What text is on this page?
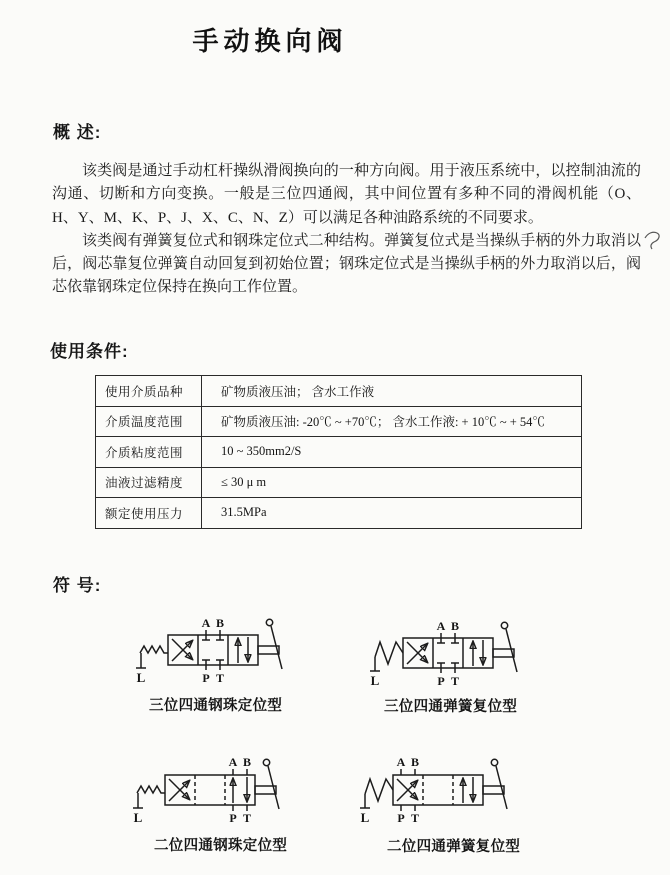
手动换向阀
概 述:

该类阀是通过手动杠杆操纵滑阀换向的一种方向阀。用于液压系统中，以控制油流的沟通、切断和方向变换。一般是三位四通阀，其中间位置有多种不同的滑阀机能（O、H、Y、M、K、P、J、X、C、N、Z）可以满足各种油路系统的不同要求。

该类阀有弹簧复位式和钢珠定位式二种结构。弹簧复位式是当操纵手柄的外力取消以后，阀芯靠复位弹簧自动回复到初始位置；钢珠定位式是当操纵手柄的外力取消以后，阀芯依靠钢珠定位保持在换向工作位置。

使用条件:
使用介质品种	矿物质液压油； 含水工作液
介质温度范围	矿物质液压油: -20℃ ~ +70℃； 含水工作液: + 10℃ ~ + 54℃
介质粘度范围	10 ~ 350mm2/S
油液过滤精度	≤ 30 μ m
额定使用压力	31.5MPa
符 号:
L
A B
P T
三位四通钢珠定位型
L
A B
P T
三位四通弹簧复位型
L
A B
P T
二位四通钢珠定位型
L
A B
P T
二位四通弹簧复位型
